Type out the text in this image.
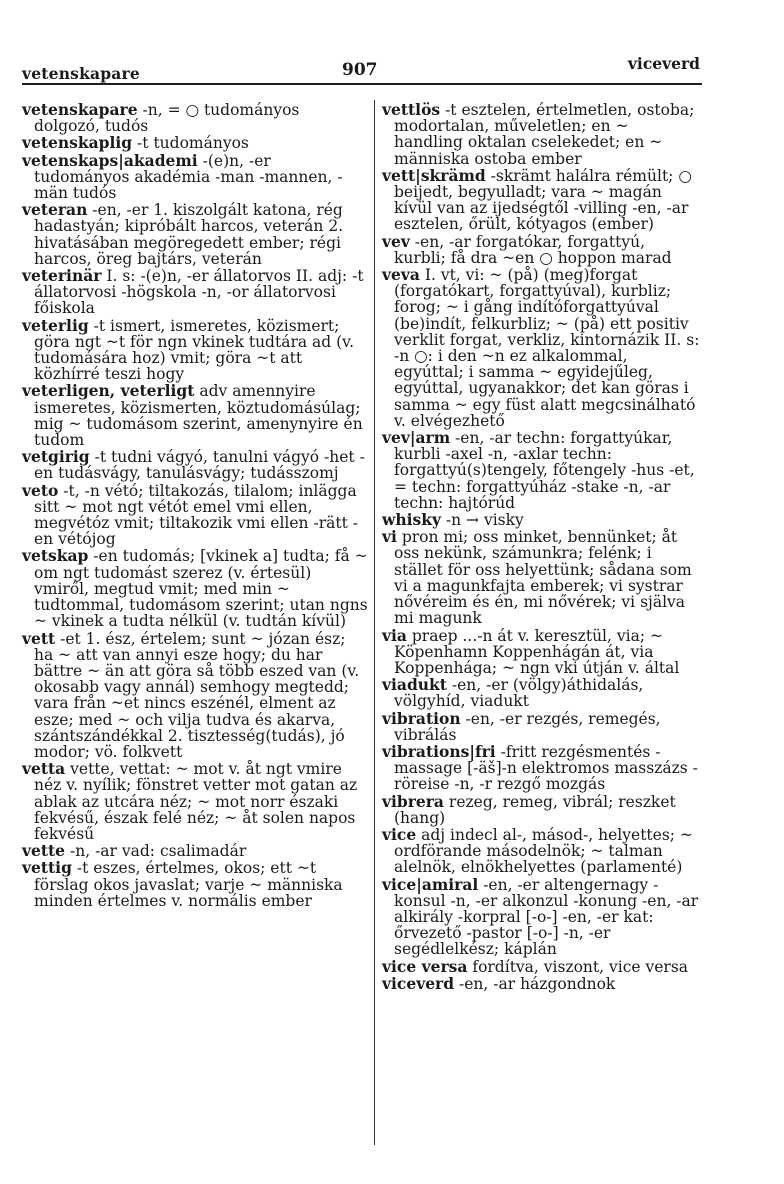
vetenskapare	907	viceverd
vetenskapare -n, = ○ tudományos dolgozó, tudós
vetenskaplig -t tudományos
vetenskaps|akademi -(e)n, -er tudományos akadémia -man -mannen, -män tudós
veteran -en, -er 1. kiszolgált katona, rég hadastyán; kipróbált harcos, veterán 2. hivatásában megöregedett ember; régi harcos, öreg bajtárs, veterán
veterinär I. s: -(e)n, -er állatorvos II. adj: -t állatorvosi -högskola -n, -or állatorvosi főiskola
veterlig -t ismert, ismeretes, közismert; göra ngt ~t för ngn vkinek tudtára ad (v. tudomására hoz) vmit; göra ~t att közhírré teszi hogy
veterligen, veterligt adv amennyire ismeretes, közismerten, köztudomásúlag; mig ~ tudomásom szerint, amenynyire én tudom
vetgirig -t tudni vágyó, tanulni vágyó -het -en tudásvágy, tanulásvágy; tudásszomj
veto -t, -n vétó; tiltakozás, tilalom; inlägga sitt ~ mot ngt vétót emel vmi ellen, megvétóz vmit; tiltakozik vmi ellen -rätt -en vétójog
vetskap -en tudomás; [vkinek a] tudta; få ~ om ngt tudomást szerez (v. értesül) vmiről, megtud vmit; med min ~ tudtommal, tudomásom szerint; utan ngns ~ vkinek a tudta nélkül (v. tudtán kívül)
vett -et 1. ész, értelem; sunt ~ józan ész; ha ~ att van annyi esze hogy; du har bättre ~ än att göra så több eszed van (v. okosabb vagy annál) semhogy megtedd; vara från ~et nincs eszénél, elment az esze; med ~ och vilja tudva és akarva, szántszándékkal 2. tisztesség(tudás), jó modor; vö. folkvett
vetta vette, vettat: ~ mot v. åt ngt vmire néz v. nyílik; fönstret vetter mot gatan az ablak az utcára néz; ~ mot norr északi fekvésű, észak felé néz; ~ åt solen napos fekvésű
vette -n, -ar vad: csalimadár
vettig -t eszes, értelmes, okos; ett ~t förslag okos javaslat; varje ~ människa minden értelmes v. normális ember
vettlös -t esztelen, értelmetlen, ostoba; modortalan, műveletlen; en ~ handling oktalan cselekedet; en ~ människa ostoba ember
vett|skrämd -skrämt halálra rémült; ○ beijedt, begyulladt; vara ~ magán kívül van az ijedségtől -villing -en, -ar esztelen, őrült, kótyagos (ember)
vev -en, -ar forgatókar, forgattyú, kurbli; få dra ~en ○ hoppon marad
veva I. vt, vi: ~ (på) (meg)forgat (forgatókart, forgattyúval), kurbliz; forog; ~ i gång indítóforgattyúval (be)indít, felkurbliz; ~ (på) ett positiv verklit forgat, verkliz, kintornázik II. s: -n ○: i den ~n ez alkalommal, egyúttal; i samma ~ egyidejűleg, egyúttal, ugyanakkor; det kan göras i samma ~ egy füst alatt megcsinálható v. elvégezhető
vev|arm -en, -ar techn: forgattyúkar, kurbli -axel -n, -axlar techn: forgattyú(s)tengely, főtengely -hus -et, = techn: forgattyúház -stake -n, -ar techn: hajtórúd
whisky -n → visky
vi pron mi; oss minket, bennünket; åt oss nekünk, számunkra; felénk; i stället för oss helyettünk; sådana som vi a magunkfajta emberek; vi systrar nővéreim és én, mi nővérek; vi själva mi magunk
via praep ...-n át v. keresztül, via; ~ Köpenhamn Koppenhágán át, via Koppenhága; ~ ngn vki útján v. által
viadukt -en, -er (völgy)áthidalás, völgyhíd, viadukt
vibration -en, -er rezgés, remegés, vibrálás
vibrations|fri -fritt rezgésmentés -massage [-äš]-n elektromos masszázs -röreise -n, -r rezgő mozgás
vibrera rezeg, remeg, vibrál; reszket (hang)
vice adj indecl al-, másod-, helyettes; ~ ordförande másodelnök; ~ talman alelnök, elnökhelyettes (parlamenté)
vice|amiral -en, -er altengernagy -konsul -n, -er alkonzul -konung -en, -ar alkirály -korpral [-o-] -en, -er kat: őrvezető -pastor [-o-] -n, -er segédlelkész; káplán
vice versa fordítva, viszont, vice versa
viceverd -en, -ar házgondnok
